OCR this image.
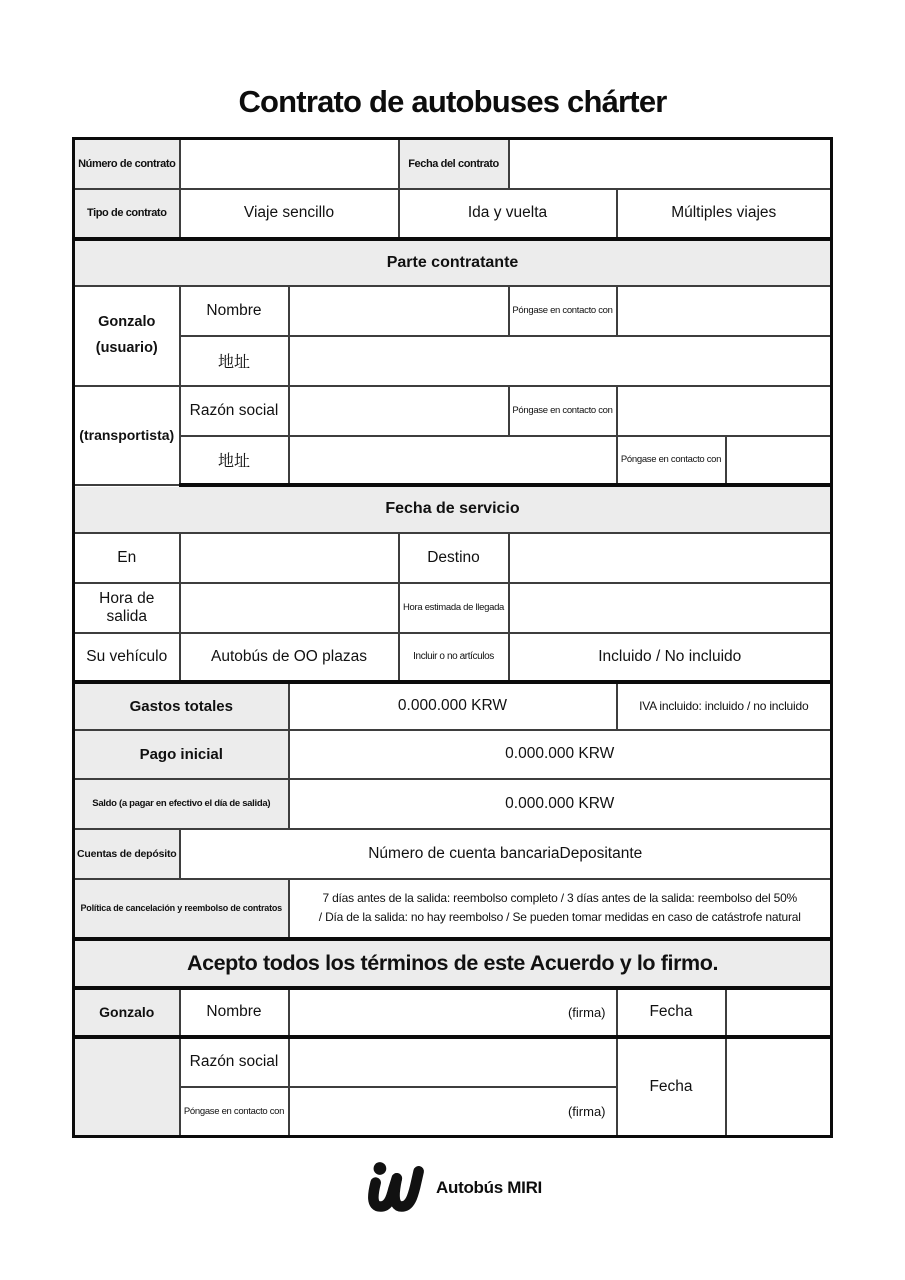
Contrato de autobuses chárter
Número de contrato			Fecha del contrato			
Tipo de contrato	Viaje sencillo		Ida y vuelta		Múltiples viajes	
Parte contratante						

Gonzalo
(usuario)	Nombre			Póngase en contacto con		
	地址					
(transportista)	Razón social			Póngase en contacto con		
	地址				Póngase en contacto con	
Fecha de servicio						
En			Destino			
Hora de salida			Hora estimada de llegada			
Su vehículo	Autobús de OO plazas		Incluir o no artículos	Incluido / No incluido		
Gastos totales		0.000.000 KRW			IVA incluido: incluido / no incluido	
Pago inicial		0.000.000 KRW				
Saldo (a pagar en efectivo el día de salida)		0.000.000 KRW				
Cuentas de depósito	Número de cuenta bancariaDepositante					
Política de cancelación y reembolso de contratos		7 días antes de la salida: reembolso completo / 3 días antes de la salida: reembolso del 50%
/ Día de la salida: no hay reembolso / Se pueden tomar medidas en caso de catástrofe natural				

Acepto todos los términos de este Acuerdo y lo firmo.						
Gonzalo	Nombre	(firma)			Fecha	
	Razón social				Fecha	
	Póngase en contacto con	(firma)				
Autobús MIRI
